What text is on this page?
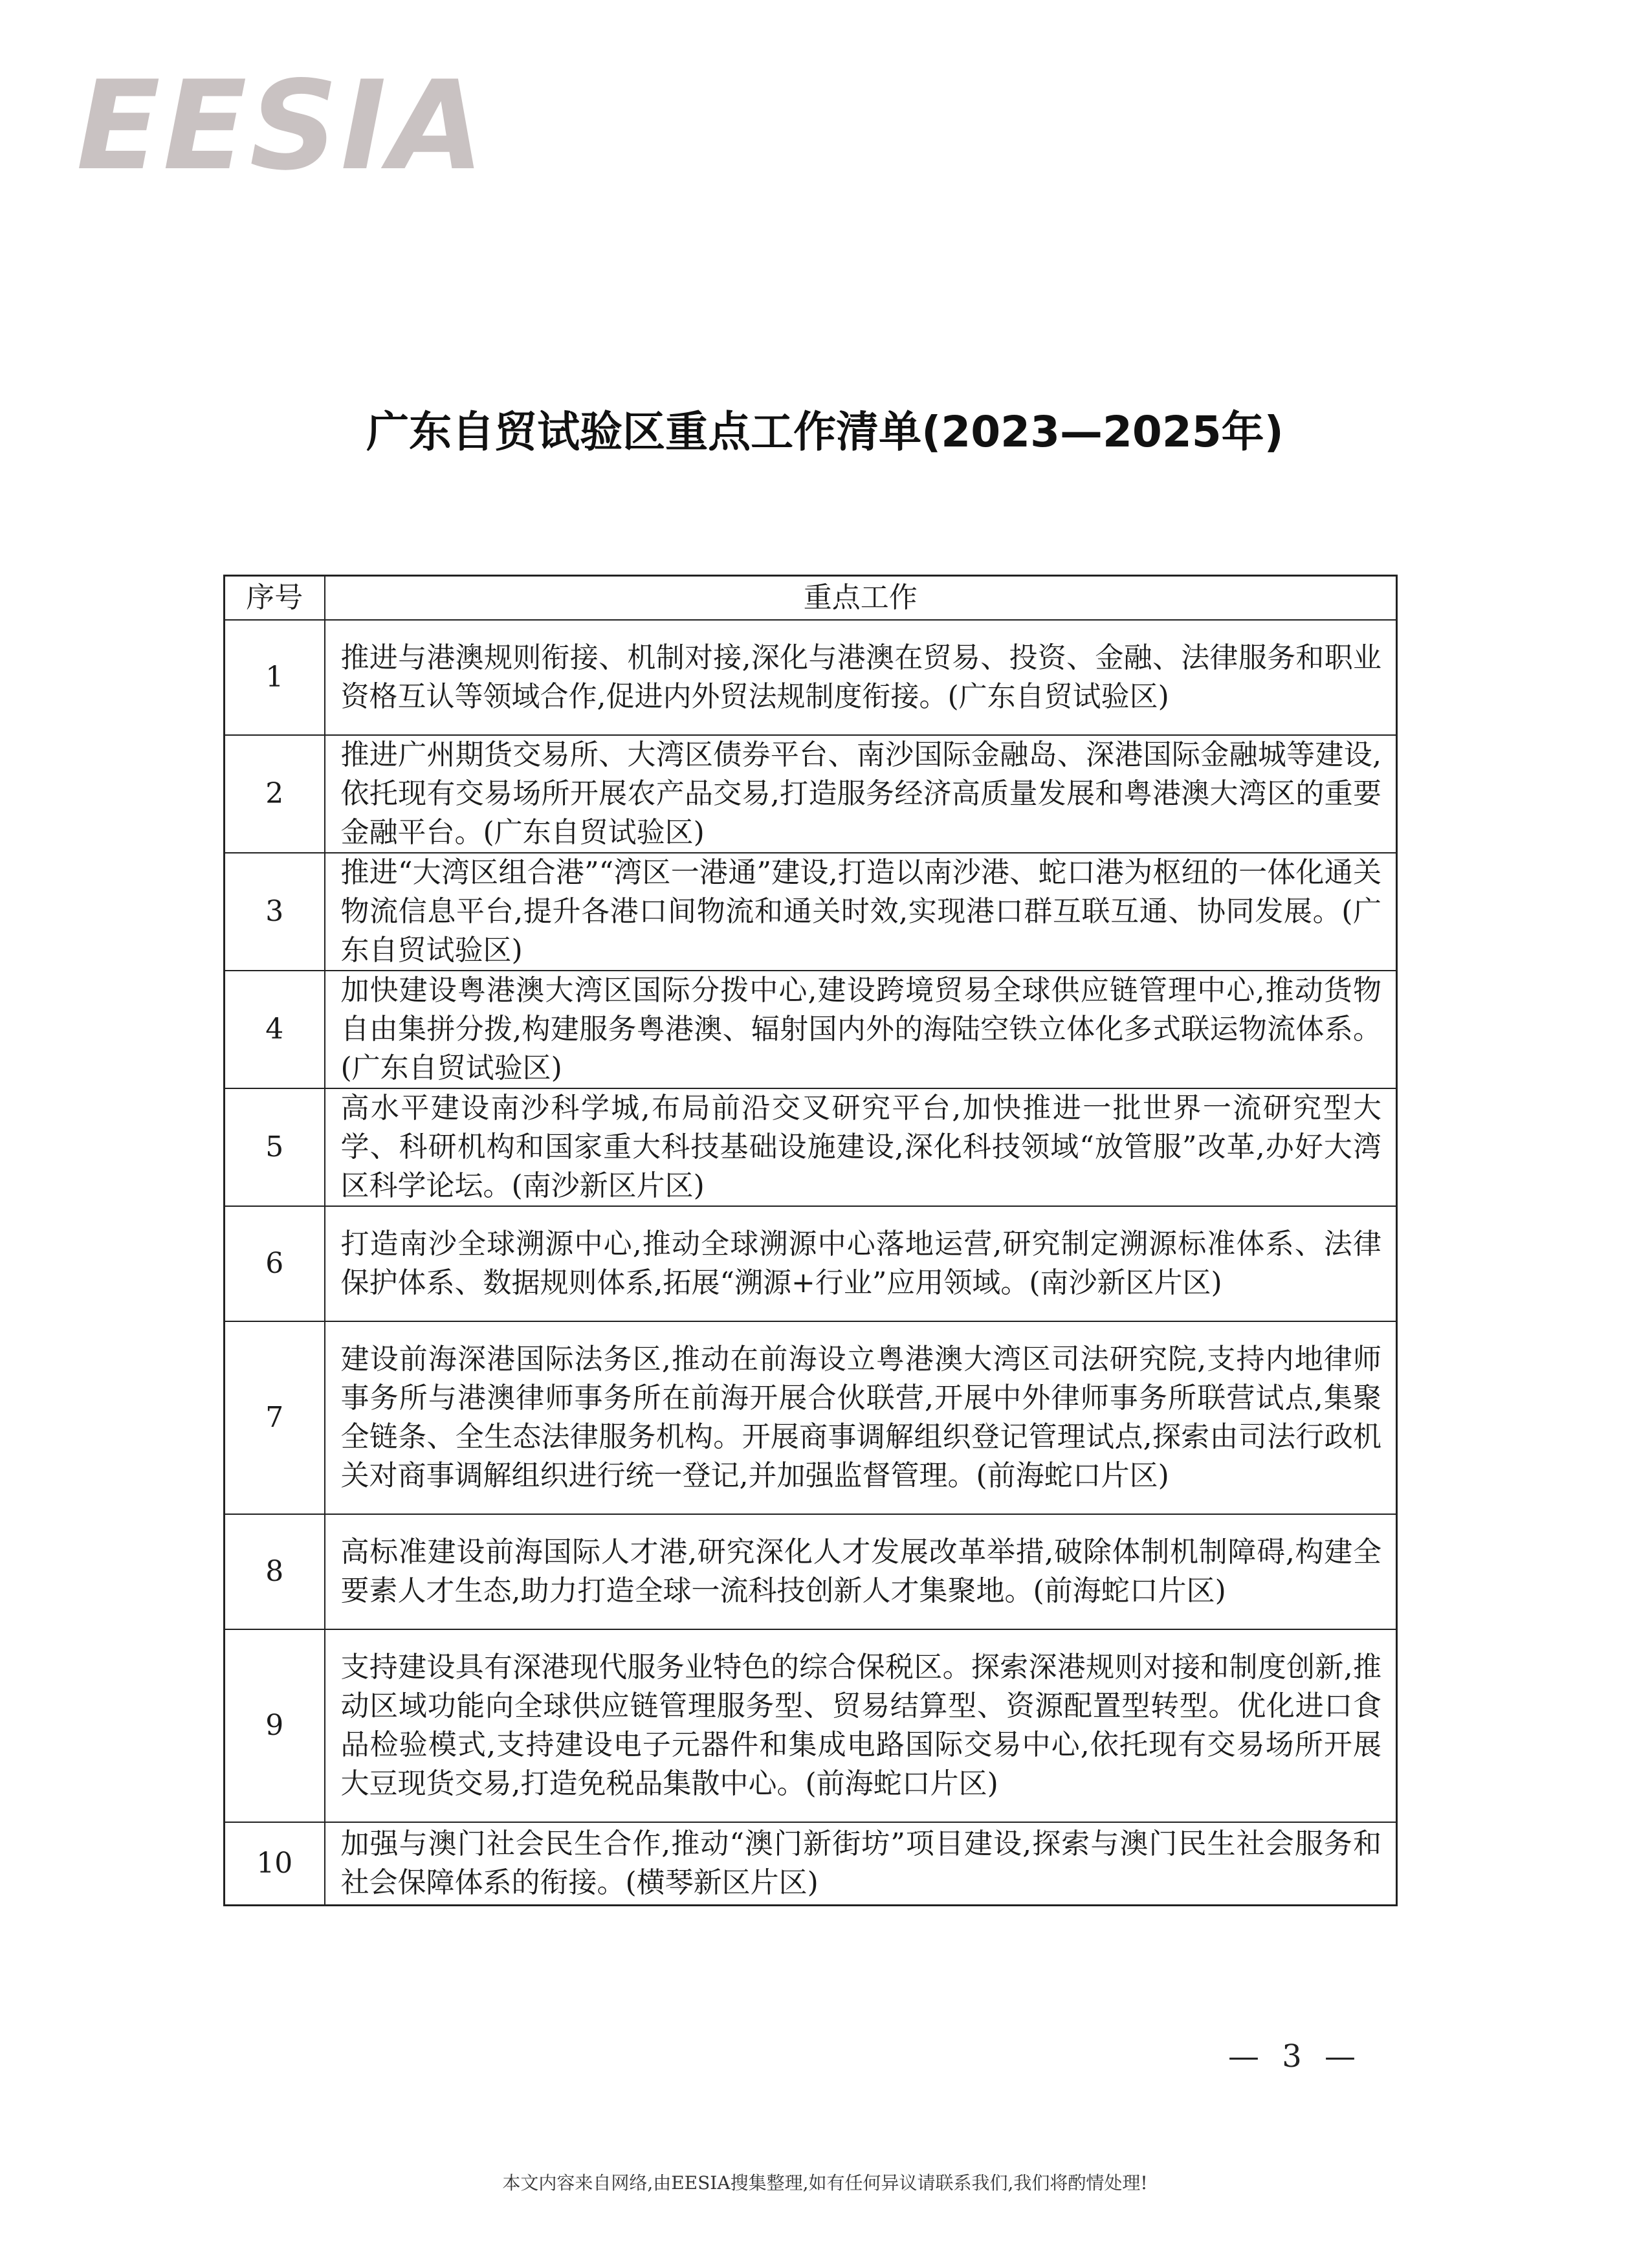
EESIA
广东自贸试验区重点工作清单(2023—2025年)
序号	重点工作
1	推进与港澳规则衔接、机制对接,深化与港澳在贸易、投资、金融、法律服务和职业资格互认等领域合作,促进内外贸法规制度衔接。(广东自贸试验区)
2	推进广州期货交易所、大湾区债券平台、南沙国际金融岛、深港国际金融城等建设,依托现有交易场所开展农产品交易,打造服务经济高质量发展和粤港澳大湾区的重要金融平台。(广东自贸试验区)
3	推进“大湾区组合港”“湾区一港通”建设,打造以南沙港、蛇口港为枢纽的一体化通关物流信息平台,提升各港口间物流和通关时效,实现港口群互联互通、协同发展。(广东自贸试验区)
4	加快建设粤港澳大湾区国际分拨中心,建设跨境贸易全球供应链管理中心,推动货物自由集拼分拨,构建服务粤港澳、辐射国内外的海陆空铁立体化多式联运物流体系。(广东自贸试验区)
5	高水平建设南沙科学城,布局前沿交叉研究平台,加快推进一批世界一流研究型大学、科研机构和国家重大科技基础设施建设,深化科技领域“放管服”改革,办好大湾区科学论坛。(南沙新区片区)
6	打造南沙全球溯源中心,推动全球溯源中心落地运营,研究制定溯源标准体系、法律保护体系、数据规则体系,拓展“溯源+行业”应用领域。(南沙新区片区)
7	建设前海深港国际法务区,推动在前海设立粤港澳大湾区司法研究院,支持内地律师事务所与港澳律师事务所在前海开展合伙联营,开展中外律师事务所联营试点,集聚全链条、全生态法律服务机构。开展商事调解组织登记管理试点,探索由司法行政机关对商事调解组织进行统一登记,并加强监督管理。(前海蛇口片区)
8	高标准建设前海国际人才港,研究深化人才发展改革举措,破除体制机制障碍,构建全要素人才生态,助力打造全球一流科技创新人才集聚地。(前海蛇口片区)
9	支持建设具有深港现代服务业特色的综合保税区。探索深港规则对接和制度创新,推动区域功能向全球供应链管理服务型、贸易结算型、资源配置型转型。优化进口食品检验模式,支持建设电子元器件和集成电路国际交易中心,依托现有交易场所开展大豆现货交易,打造免税品集散中心。(前海蛇口片区)
10	加强与澳门社会民生合作,推动“澳门新街坊”项目建设,探索与澳门民生社会服务和社会保障体系的衔接。(横琴新区片区)
— 3 —
本文内容来自网络,由EESIA搜集整理,如有任何异议请联系我们,我们将酌情处理!
